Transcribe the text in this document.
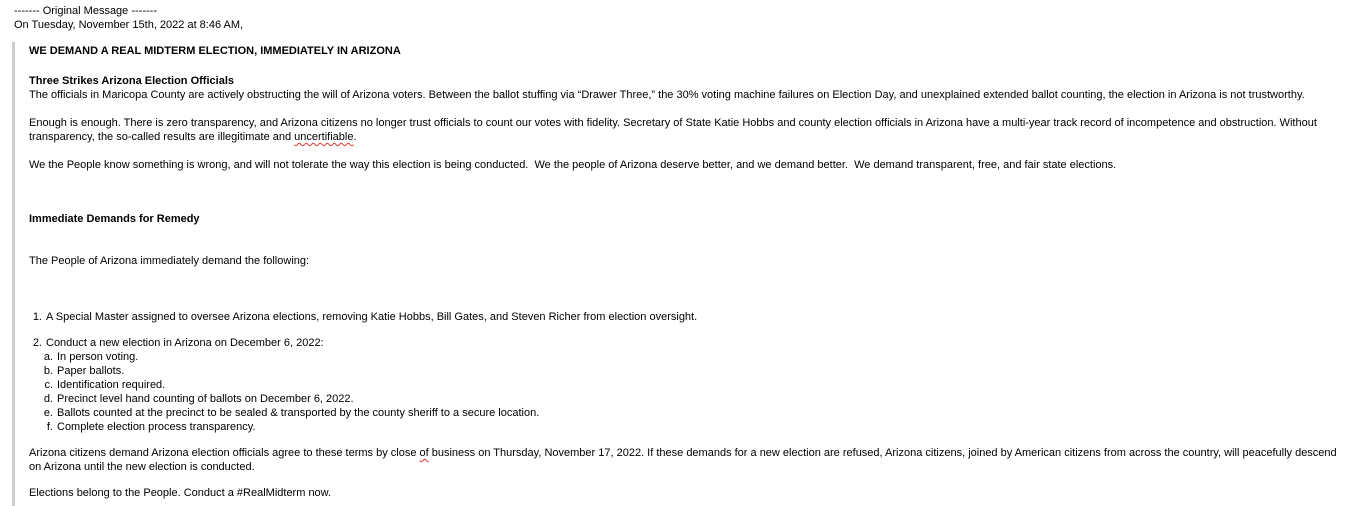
------- Original Message -------
On Tuesday, November 15th, 2022 at 8:46 AM,

WE DEMAND A REAL MIDTERM ELECTION, IMMEDIATELY IN ARIZONA

Three Strikes Arizona Election Officials

The officials in Maricopa County are actively obstructing the will of Arizona voters. Between the ballot stuffing via “Drawer Three,” the 30% voting machine failures on Election Day, and unexplained extended ballot counting, the election in Arizona is not trustworthy.

Enough is enough. There is zero transparency, and Arizona citizens no longer trust officials to count our votes with fidelity. Secretary of State Katie Hobbs and county election officials in Arizona have a multi-year track record of incompetence and obstruction. Without transparency, the so-called results are illegitimate and uncertifiable.

We the People know something is wrong, and will not tolerate the way this election is being conducted.  We the people of Arizona deserve better, and we demand better.  We demand transparent, free, and fair state elections.

Immediate Demands for Remedy

The People of Arizona immediately demand the following:

1. A Special Master assigned to oversee Arizona elections, removing Katie Hobbs, Bill Gates, and Steven Richer from election oversight.
2. Conduct a new election in Arizona on December 6, 2022:
a. In person voting.
b. Paper ballots.
c. Identification required.
d. Precinct level hand counting of ballots on December 6, 2022.
e. Ballots counted at the precinct to be sealed & transported by the county sheriff to a secure location.
f. Complete election process transparency.

Arizona citizens demand Arizona election officials agree to these terms by close of business on Thursday, November 17, 2022. If these demands for a new election are refused, Arizona citizens, joined by American citizens from across the country, will peacefully descend on Arizona until the new election is conducted.

Elections belong to the People. Conduct a #RealMidterm now.
